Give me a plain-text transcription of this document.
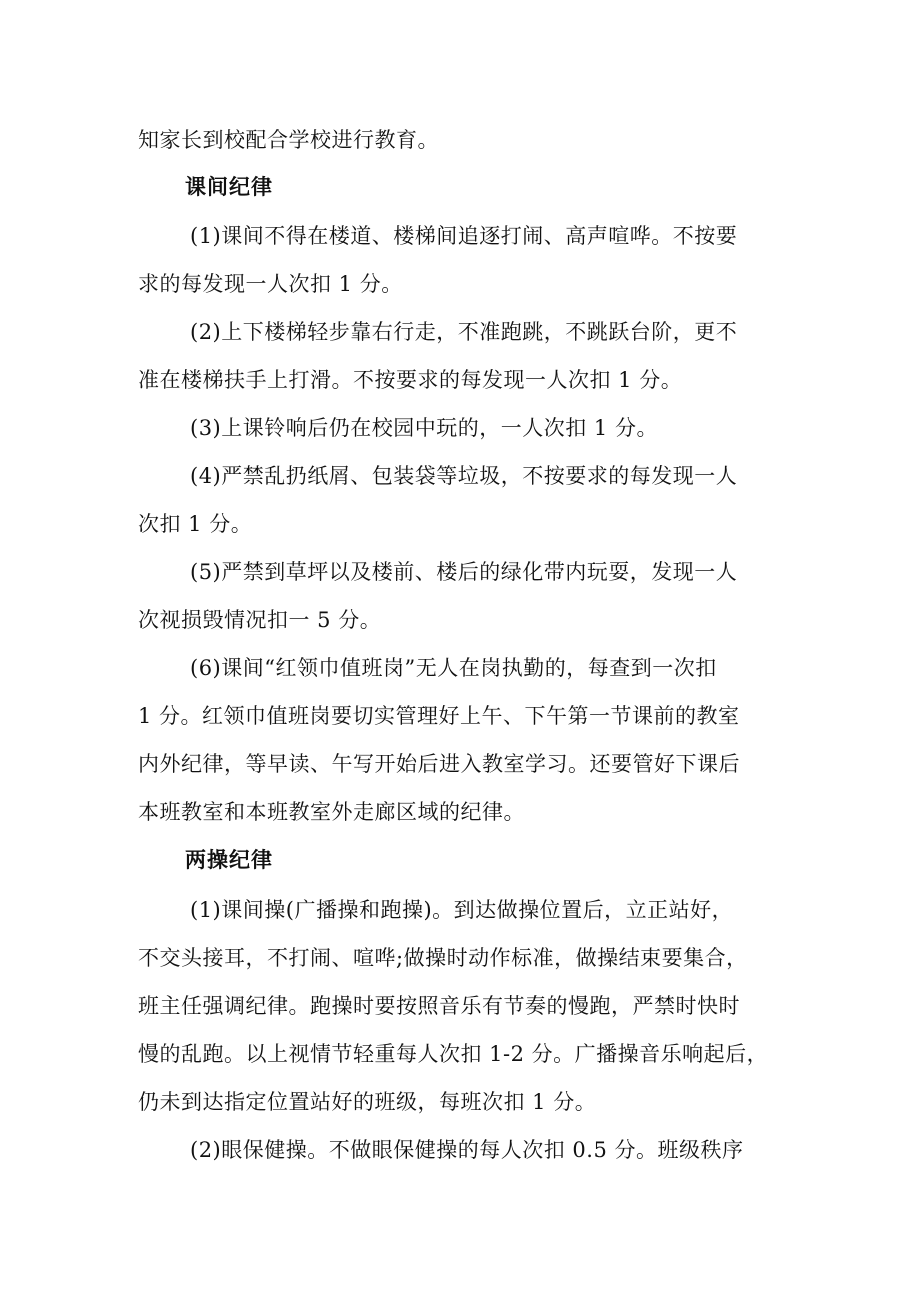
知家长到校配合学校进行教育。
课间纪律
(1)课间不得在楼道、楼梯间追逐打闹、高声喧哗。不按要
求的每发现一人次扣 1 分。
(2)上下楼梯轻步靠右行走，不准跑跳，不跳跃台阶，更不
准在楼梯扶手上打滑。不按要求的每发现一人次扣 1 分。
(3)上课铃响后仍在校园中玩的，一人次扣 1 分。
(4)严禁乱扔纸屑、包装袋等垃圾，不按要求的每发现一人
次扣 1 分。
(5)严禁到草坪以及楼前、楼后的绿化带内玩耍，发现一人
次视损毁情况扣一 5 分。
(6)课间“红领巾值班岗”无人在岗执勤的，每查到一次扣
1 分。红领巾值班岗要切实管理好上午、下午第一节课前的教室
内外纪律，等早读、午写开始后进入教室学习。还要管好下课后
本班教室和本班教室外走廊区域的纪律。
两操纪律
(1)课间操(广播操和跑操)。到达做操位置后，立正站好，
不交头接耳，不打闹、喧哗;做操时动作标准，做操结束要集合，
班主任强调纪律。跑操时要按照音乐有节奏的慢跑，严禁时快时
慢的乱跑。以上视情节轻重每人次扣 1-2 分。广播操音乐响起后，
仍未到达指定位置站好的班级，每班次扣 1 分。
(2)眼保健操。不做眼保健操的每人次扣 0.5 分。班级秩序
